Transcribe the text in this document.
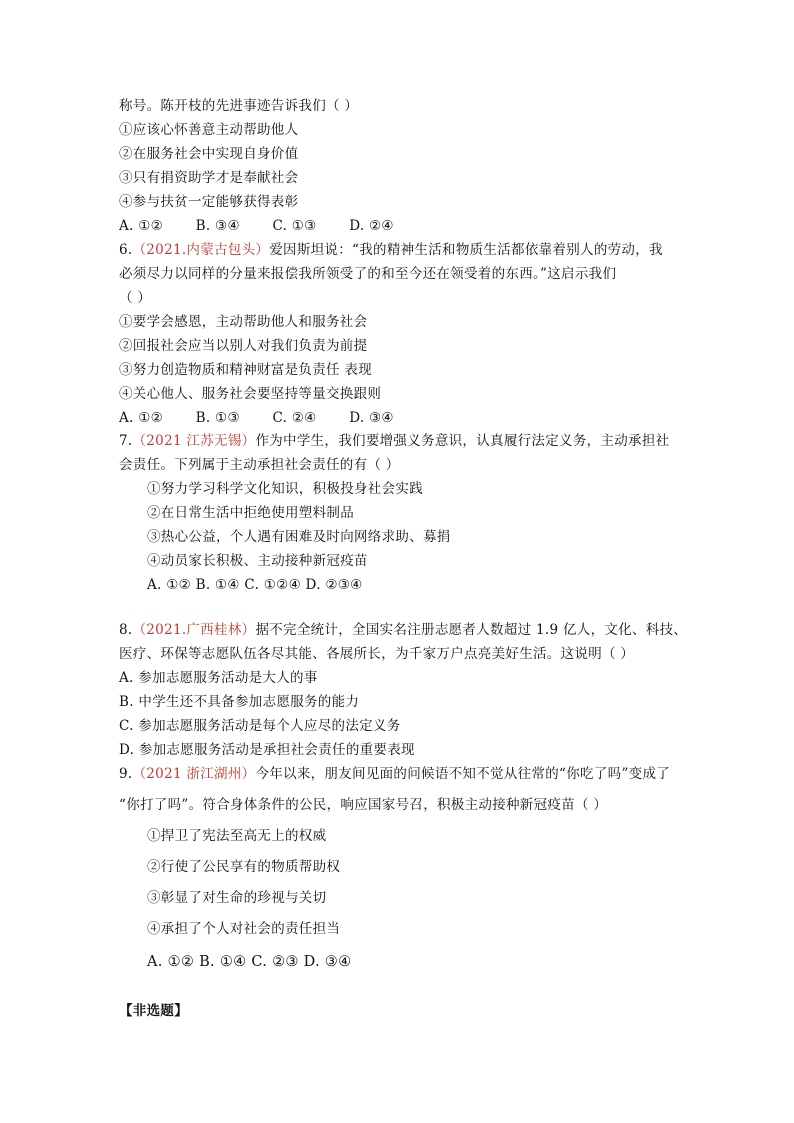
称号。陈开枝的先进事迹告诉我们（ ）
①应该心怀善意主动帮助他人
②在服务社会中实现自身价值
③只有捐资助学才是奉献社会
④参与扶贫一定能够获得表彰
A. ①② B. ③④ C. ①③ D. ②④
6.（2021.内蒙古包头）爱因斯坦说：“我的精神生活和物质生活都依靠着别人的劳动，我
必须尽力以同样的分量来报偿我所领受了的和至今还在领受着的东西。”这启示我们
（ ）
①要学会感恩，主动帮助他人和服务社会
②回报社会应当以别人对我们负责为前提
③努力创造物质和精神财富是负责任 表现
④关心他人、服务社会要坚持等量交换跟则
A. ①② B. ①③ C. ②④ D. ③④
7.（2021 江苏无锡）作为中学生，我们要增强义务意识，认真履行法定义务，主动承担社
会责任。下列属于主动承担社会责任的有（ ）
①努力学习科学文化知识，积极投身社会实践
②在日常生活中拒绝使用塑料制品
③热心公益，个人遇有困难及时向网络求助、募捐
④动员家长积极、主动接种新冠疫苗
A. ①② B. ①④ C. ①②④ D. ②③④
8.（2021.广西桂林）据不完全统计，全国实名注册志愿者人数超过 1.9 亿人，文化、科技、
医疗、环保等志愿队伍各尽其能、各展所长，为千家万户点亮美好生活。这说明（ ）
A. 参加志愿服务活动是大人的事
B. 中学生还不具备参加志愿服务的能力
C. 参加志愿服务活动是每个人应尽的法定义务
D. 参加志愿服务活动是承担社会责任的重要表现
9.（2021 浙江湖州）今年以来，朋友间见面的问候语不知不觉从往常的“你吃了吗”变成了
“你打了吗”。符合身体条件的公民，响应国家号召，积极主动接种新冠疫苗（ ）
①捍卫了宪法至高无上的权威
②行使了公民享有的物质帮助权
③彰显了对生命的珍视与关切
④承担了个人对社会的责任担当
A. ①② B. ①④ C. ②③ D. ③④
【非选题】
